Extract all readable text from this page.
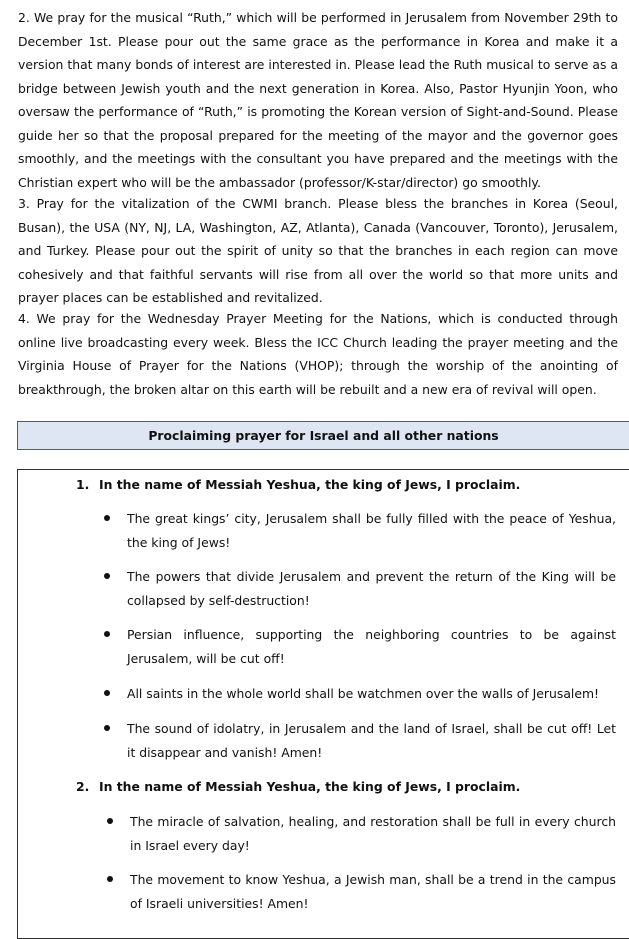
2. We pray for the musical “Ruth,” which will be performed in Jerusalem from November 29th to December 1st. Please pour out the same grace as the performance in Korea and make it a version that many bonds of interest are interested in. Please lead the Ruth musical to serve as a bridge between Jewish youth and the next generation in Korea. Also, Pastor Hyunjin Yoon, who oversaw the performance of “Ruth,” is promoting the Korean version of Sight-and-Sound. Please guide her so that the proposal prepared for the meeting of the mayor and the governor goes smoothly, and the meetings with the consultant you have prepared and the meetings with the Christian expert who will be the ambassador (professor/K-star/director) go smoothly.

3. Pray for the vitalization of the CWMI branch. Please bless the branches in Korea (Seoul, Busan), the USA (NY, NJ, LA, Washington, AZ, Atlanta), Canada (Vancouver, Toronto), Jerusalem, and Turkey. Please pour out the spirit of unity so that the branches in each region can move cohesively and that faithful servants will rise from all over the world so that more units and prayer places can be established and revitalized.

4. We pray for the Wednesday Prayer Meeting for the Nations, which is conducted through online live broadcasting every week. Bless the ICC Church leading the prayer meeting and the Virginia House of Prayer for the Nations (VHOP); through the worship of the anointing of breakthrough, the broken altar on this earth will be rebuilt and a new era of revival will open.

Proclaiming prayer for Israel and all other nations
1. In the name of Messiah Yeshua, the king of Jews, I proclaim.
The great kings’ city, Jerusalem shall be fully filled with the peace of Yeshua, the king of Jews!
The powers that divide Jerusalem and prevent the return of the King will be collapsed by self-destruction!
Persian influence, supporting the neighboring countries to be against Jerusalem, will be cut off!
All saints in the whole world shall be watchmen over the walls of Jerusalem!
The sound of idolatry, in Jerusalem and the land of Israel, shall be cut off! Let it disappear and vanish! Amen!
2. In the name of Messiah Yeshua, the king of Jews, I proclaim.
The miracle of salvation, healing, and restoration shall be full in every church in Israel every day!
The movement to know Yeshua, a Jewish man, shall be a trend in the campus of Israeli universities! Amen!
